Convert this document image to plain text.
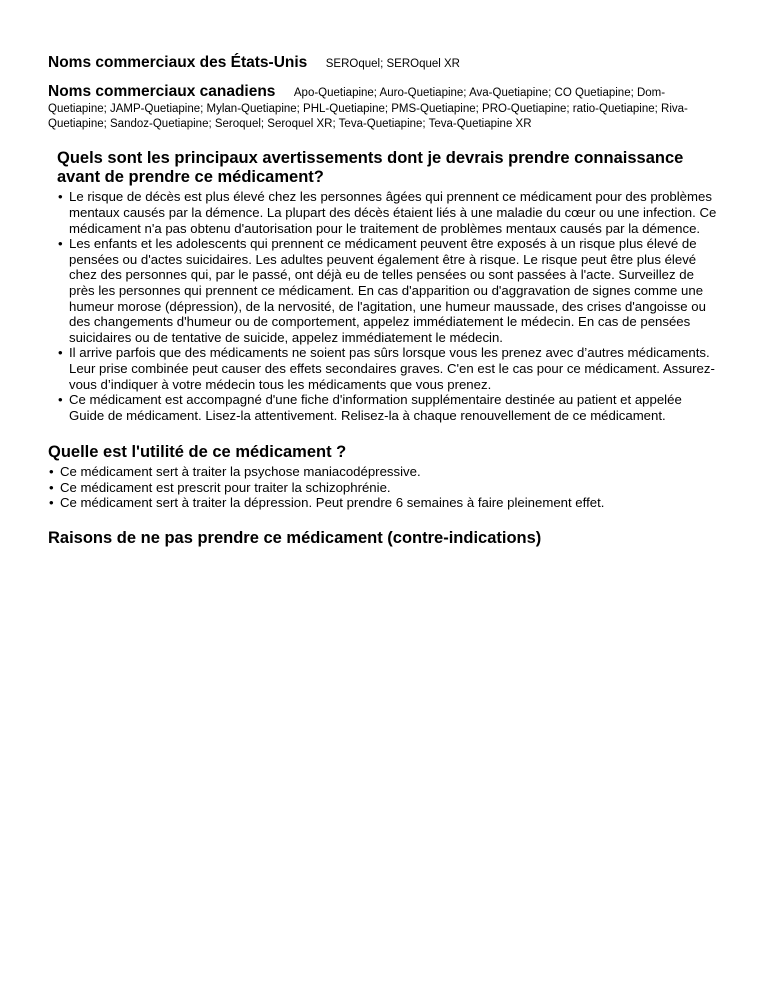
Noms commerciaux des États-Unis SEROquel; SEROquel XR
Noms commerciaux canadiens Apo-Quetiapine; Auro-Quetiapine; Ava-Quetiapine; CO Quetiapine; Dom-Quetiapine; JAMP-Quetiapine; Mylan-Quetiapine; PHL-Quetiapine; PMS-Quetiapine; PRO-Quetiapine; ratio-Quetiapine; Riva-Quetiapine; Sandoz-Quetiapine; Seroquel; Seroquel XR; Teva-Quetiapine; Teva-Quetiapine XR
Quels sont les principaux avertissements dont je devrais prendre connaissance avant de prendre ce médicament?
• Le risque de décès est plus élevé chez les personnes âgées qui prennent ce médicament pour des problèmes mentaux causés par la démence. La plupart des décès étaient liés à une maladie du cœur ou une infection. Ce médicament n'a pas obtenu d'autorisation pour le traitement de problèmes mentaux causés par la démence.
• Les enfants et les adolescents qui prennent ce médicament peuvent être exposés à un risque plus élevé de pensées ou d'actes suicidaires. Les adultes peuvent également être à risque. Le risque peut être plus élevé chez des personnes qui, par le passé, ont déjà eu de telles pensées ou sont passées à l'acte. Surveillez de près les personnes qui prennent ce médicament. En cas d'apparition ou d'aggravation de signes comme une humeur morose (dépression), de la nervosité, de l'agitation, une humeur maussade, des crises d'angoisse ou des changements d'humeur ou de comportement, appelez immédiatement le médecin. En cas de pensées suicidaires ou de tentative de suicide, appelez immédiatement le médecin.
• Il arrive parfois que des médicaments ne soient pas sûrs lorsque vous les prenez avec d’autres médicaments. Leur prise combinée peut causer des effets secondaires graves. C'en est le cas pour ce médicament. Assurez-vous d’indiquer à votre médecin tous les médicaments que vous prenez.
• Ce médicament est accompagné d'une fiche d'information supplémentaire destinée au patient et appelée Guide de médicament. Lisez-la attentivement. Relisez-la à chaque renouvellement de ce médicament.
Quelle est l'utilité de ce médicament ?
• Ce médicament sert à traiter la psychose maniacodépressive.
• Ce médicament est prescrit pour traiter la schizophrénie.
• Ce médicament sert à traiter la dépression. Peut prendre 6 semaines à faire pleinement effet.
Raisons de ne pas prendre ce médicament (contre-indications)
